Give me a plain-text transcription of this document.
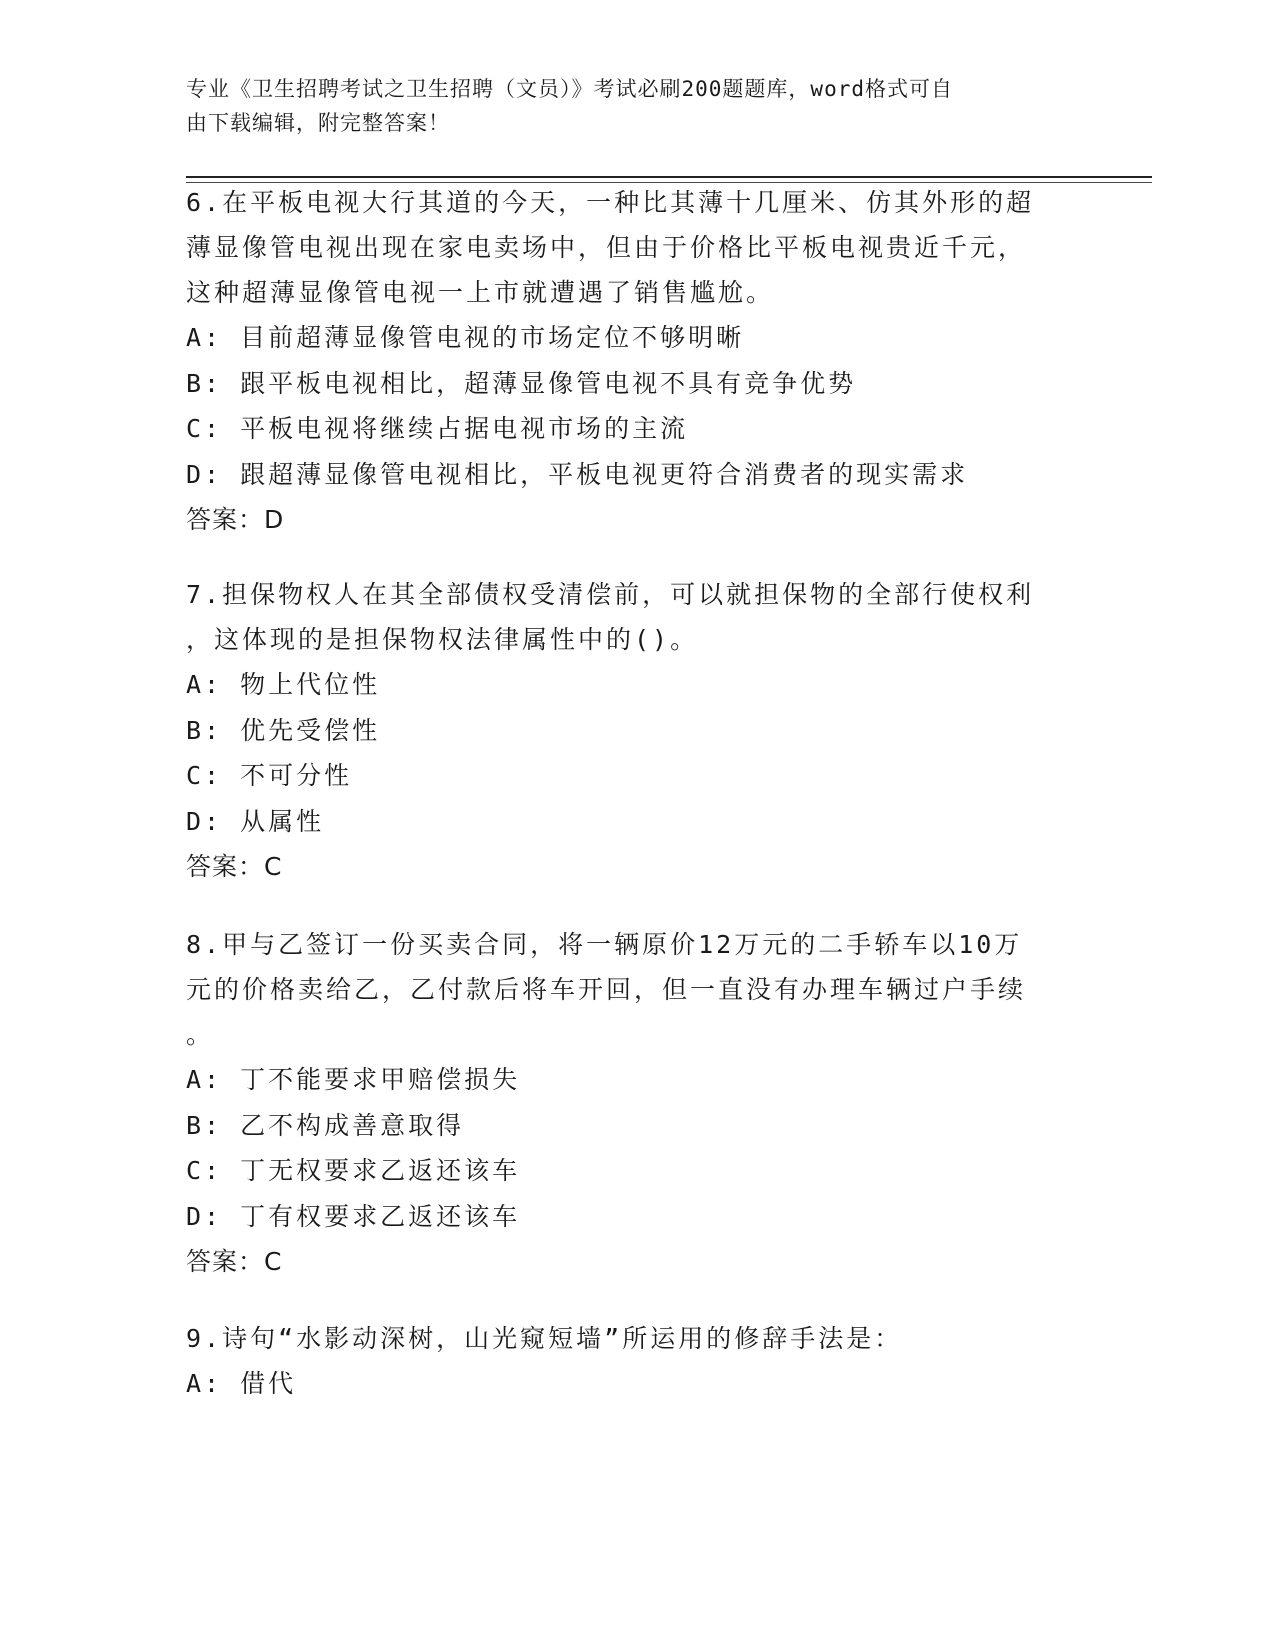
专业《卫生招聘考试之卫生招聘（文员）》考试必刷200题题库，word格式可自
由下载编辑，附完整答案！
6.在平板电视大行其道的今天，一种比其薄十几厘米、仿其外形的超
薄显像管电视出现在家电卖场中，但由于价格比平板电视贵近千元，
这种超薄显像管电视一上市就遭遇了销售尴尬。
A: 目前超薄显像管电视的市场定位不够明晰
B: 跟平板电视相比，超薄显像管电视不具有竞争优势
C: 平板电视将继续占据电视市场的主流
D: 跟超薄显像管电视相比，平板电视更符合消费者的现实需求
答案：D
7.担保物权人在其全部债权受清偿前，可以就担保物的全部行使权利
，这体现的是担保物权法律属性中的()。
A: 物上代位性
B: 优先受偿性
C: 不可分性
D: 从属性
答案：C
8.甲与乙签订一份买卖合同，将一辆原价12万元的二手轿车以10万
元的价格卖给乙，乙付款后将车开回，但一直没有办理车辆过户手续
。
A: 丁不能要求甲赔偿损失
B: 乙不构成善意取得
C: 丁无权要求乙返还该车
D: 丁有权要求乙返还该车
答案：C
9.诗句“水影动深树，山光窥短墙”所运用的修辞手法是：
A: 借代
